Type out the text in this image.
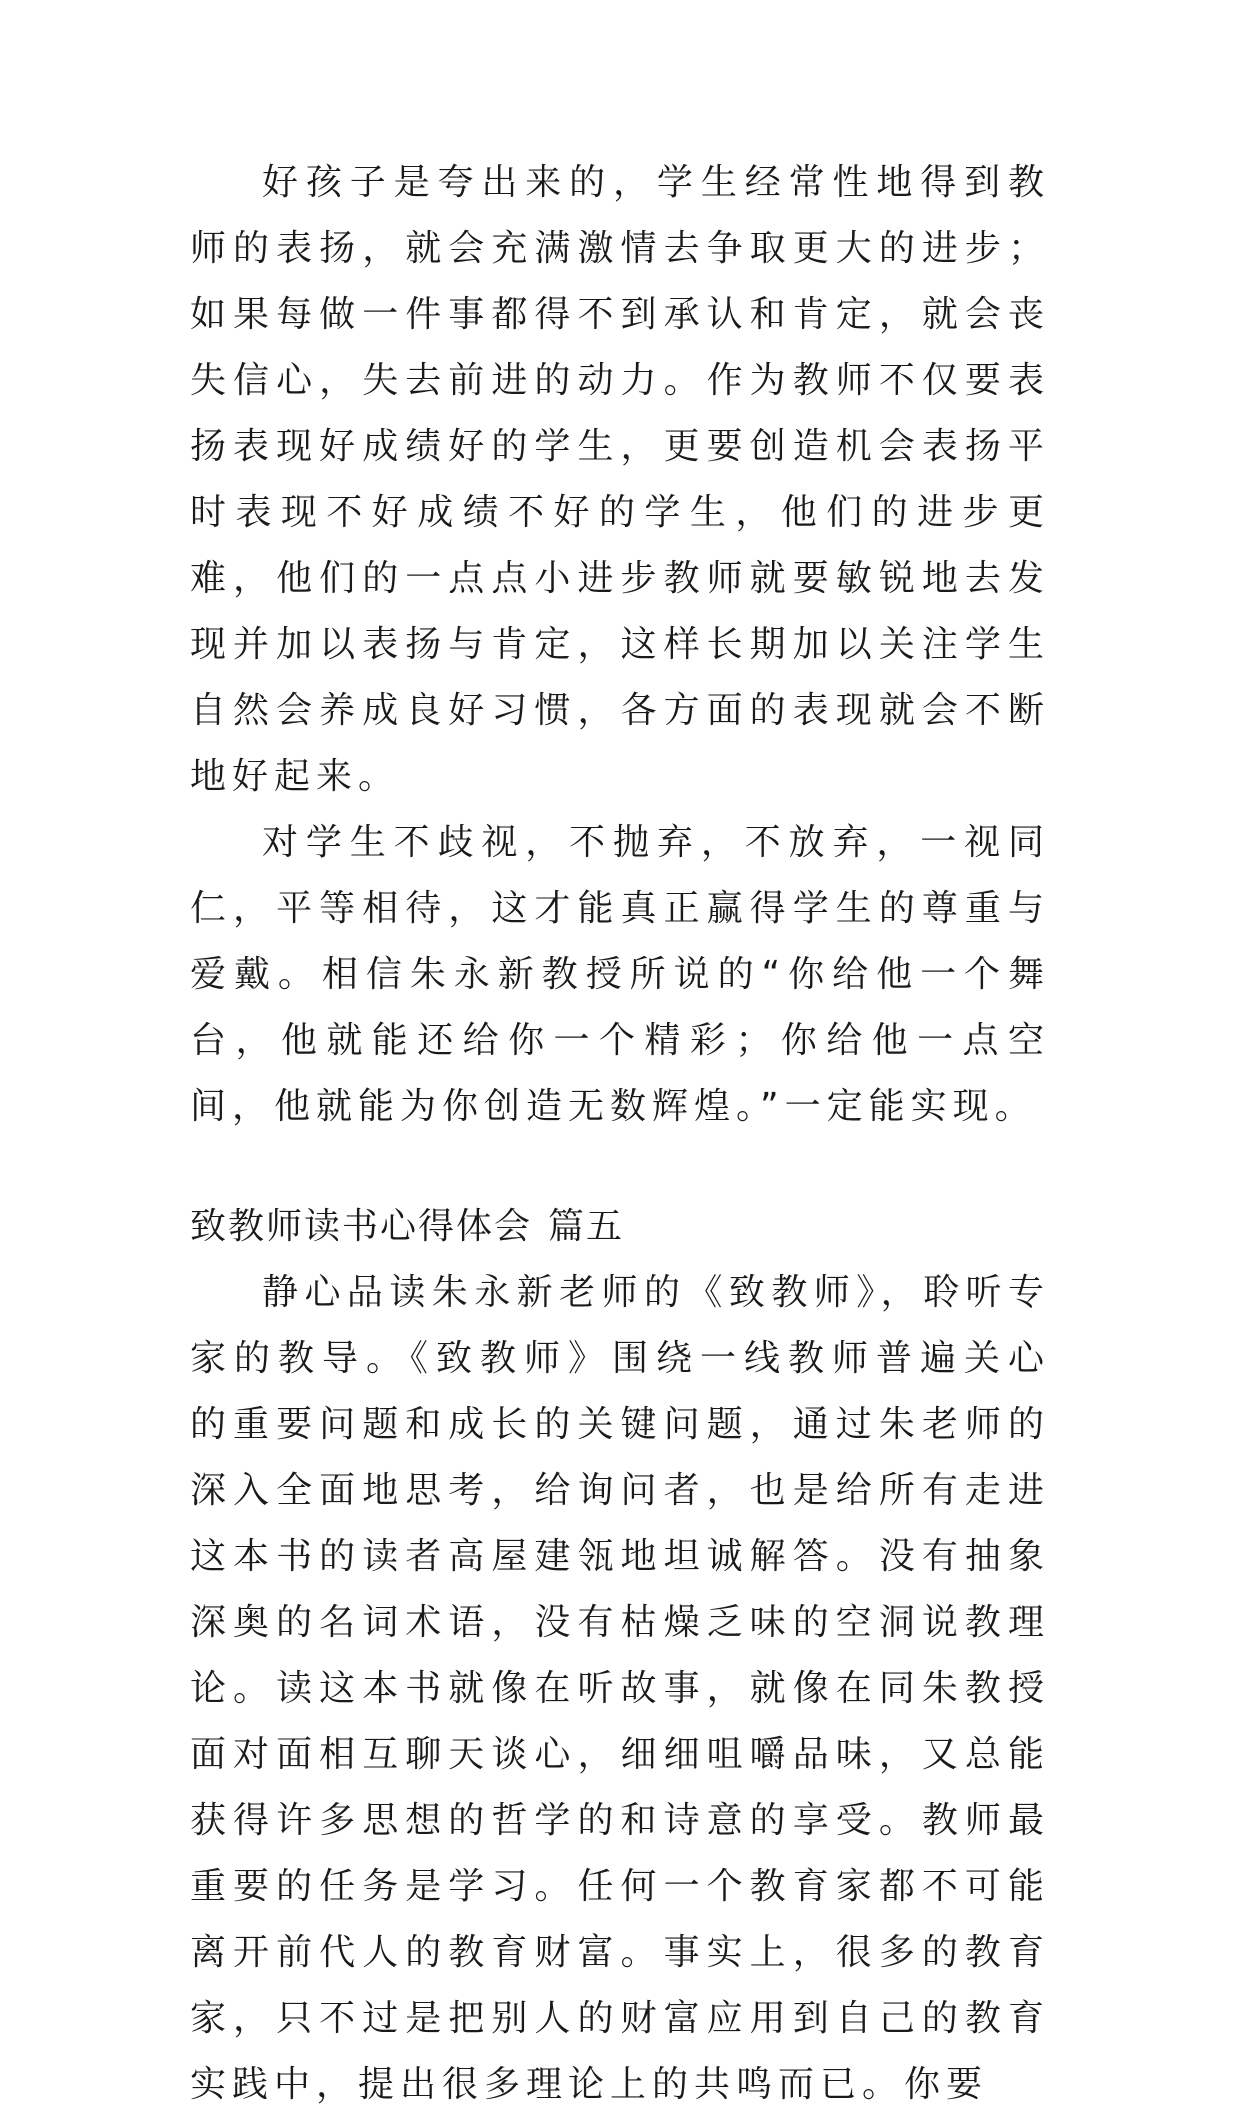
好孩子是夸出来的，学生经常性地得到教师的表扬，就会充满激情去争取更大的进步；如果每做一件事都得不到承认和肯定，就会丧失信心，失去前进的动力。作为教师不仅要表扬表现好成绩好的学生，更要创造机会表扬平时表现不好成绩不好的学生，他们的进步更难，他们的一点点小进步教师就要敏锐地去发现并加以表扬与肯定，这样长期加以关注学生自然会养成良好习惯，各方面的表现就会不断地好起来。

对学生不歧视，不抛弃，不放弃，一视同仁，平等相待，这才能真正赢得学生的尊重与爱戴。相信朱永新教授所说的“你给他一个舞台，他就能还给你一个精彩；你给他一点空间，他就能为你创造无数辉煌。”一定能实现。

致教师读书心得体会 篇五

静心品读朱永新老师的《致教师》，聆听专家的教导。《致教师》围绕一线教师普遍关心的重要问题和成长的关键问题，通过朱老师的深入全面地思考，给询问者，也是给所有走进这本书的读者高屋建瓴地坦诚解答。没有抽象深奥的名词术语，没有枯燥乏味的空洞说教理论。读这本书就像在听故事，就像在同朱教授面对面相互聊天谈心，细细咀嚼品味，又总能获得许多思想的哲学的和诗意的享受。教师最重要的任务是学习。任何一个教育家都不可能离开前代人的教育财富。事实上，很多的教育家，只不过是把别人的财富应用到自己的教育实践中，提出很多理论上的共鸣而已。你要
